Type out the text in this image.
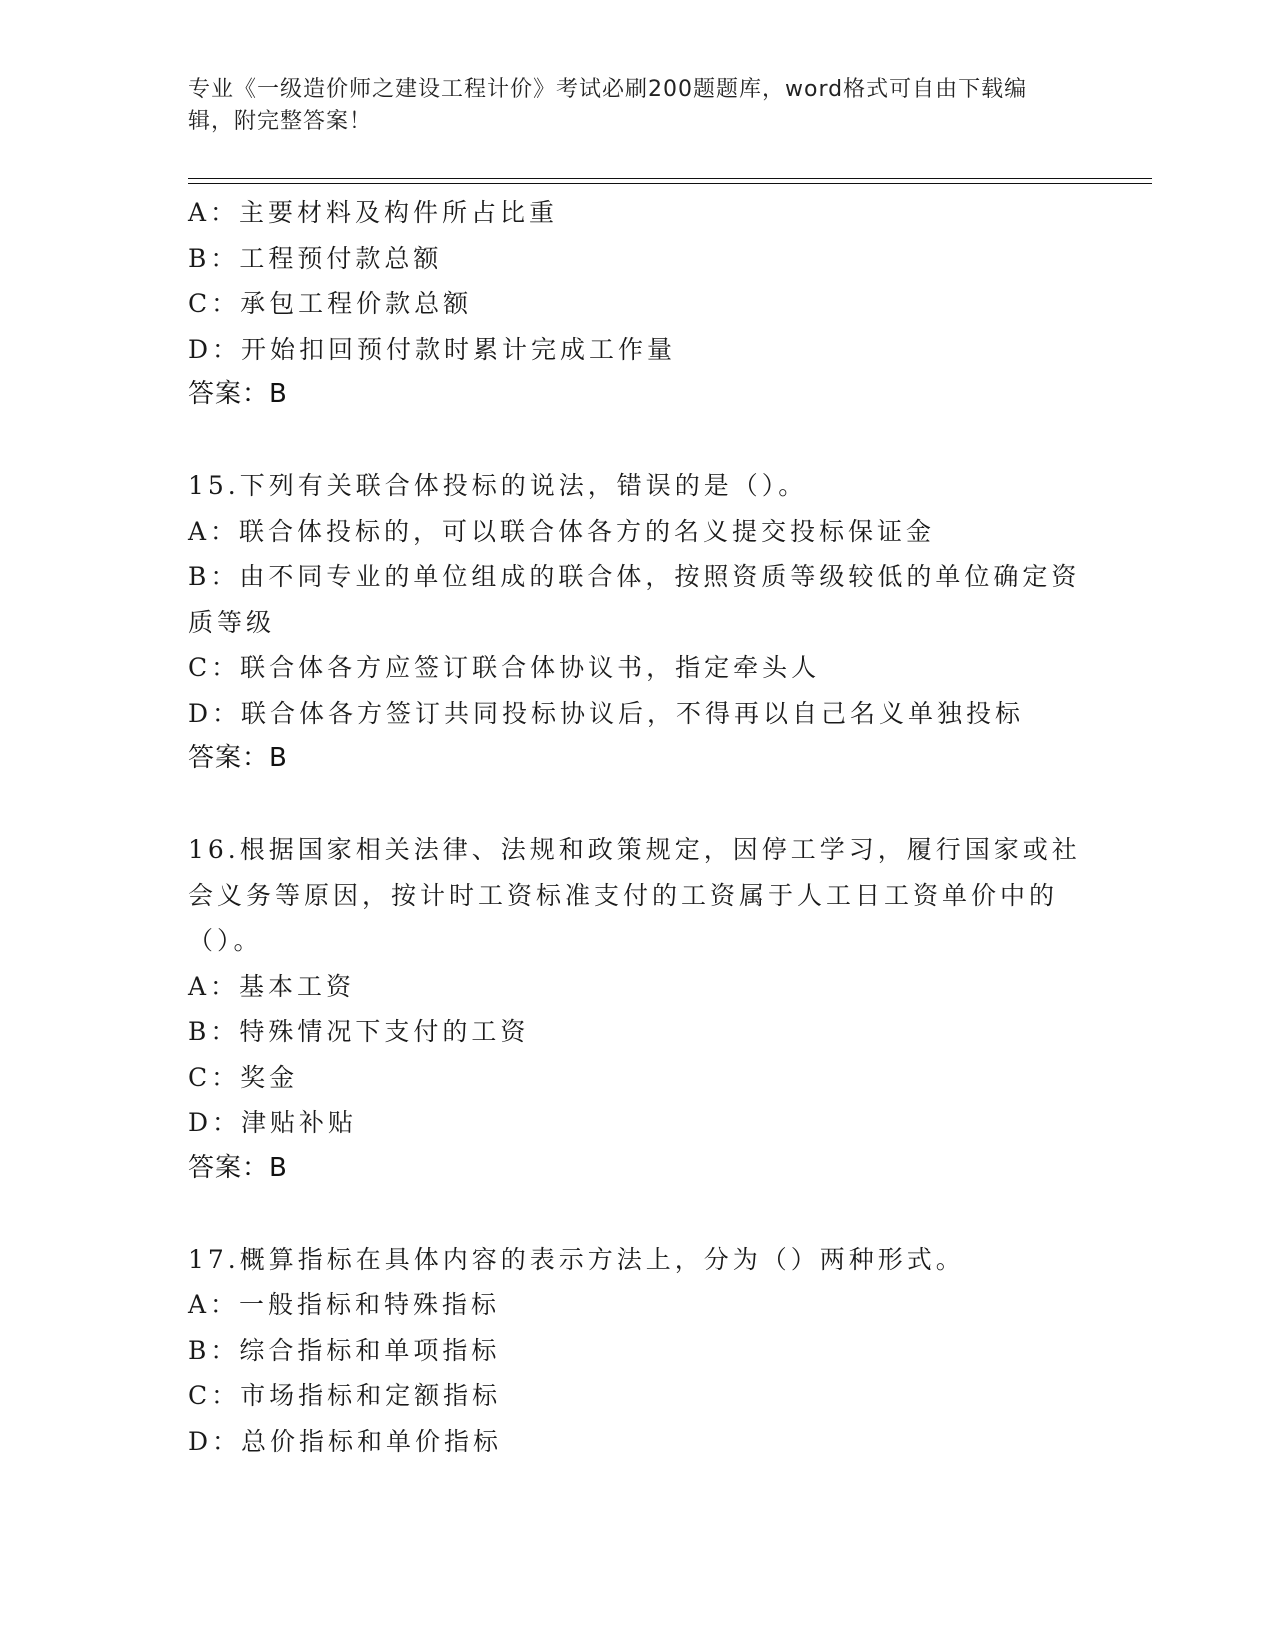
专业《一级造价师之建设工程计价》考试必刷200题题库，word格式可自由下载编辑，附完整答案！
A：主要材料及构件所占比重
B：工程预付款总额
C：承包工程价款总额
D：开始扣回预付款时累计完成工作量
答案：B
15.下列有关联合体投标的说法，错误的是（）。
A：联合体投标的，可以联合体各方的名义提交投标保证金
B：由不同专业的单位组成的联合体，按照资质等级较低的单位确定资质等级
C：联合体各方应签订联合体协议书，指定牵头人
D：联合体各方签订共同投标协议后，不得再以自己名义单独投标
答案：B
16.根据国家相关法律、法规和政策规定，因停工学习，履行国家或社会义务等原因，按计时工资标准支付的工资属于人工日工资单价中的（）。
A：基本工资
B：特殊情况下支付的工资
C：奖金
D：津贴补贴
答案：B
17.概算指标在具体内容的表示方法上，分为（）两种形式。
A：一般指标和特殊指标
B：综合指标和单项指标
C：市场指标和定额指标
D：总价指标和单价指标
